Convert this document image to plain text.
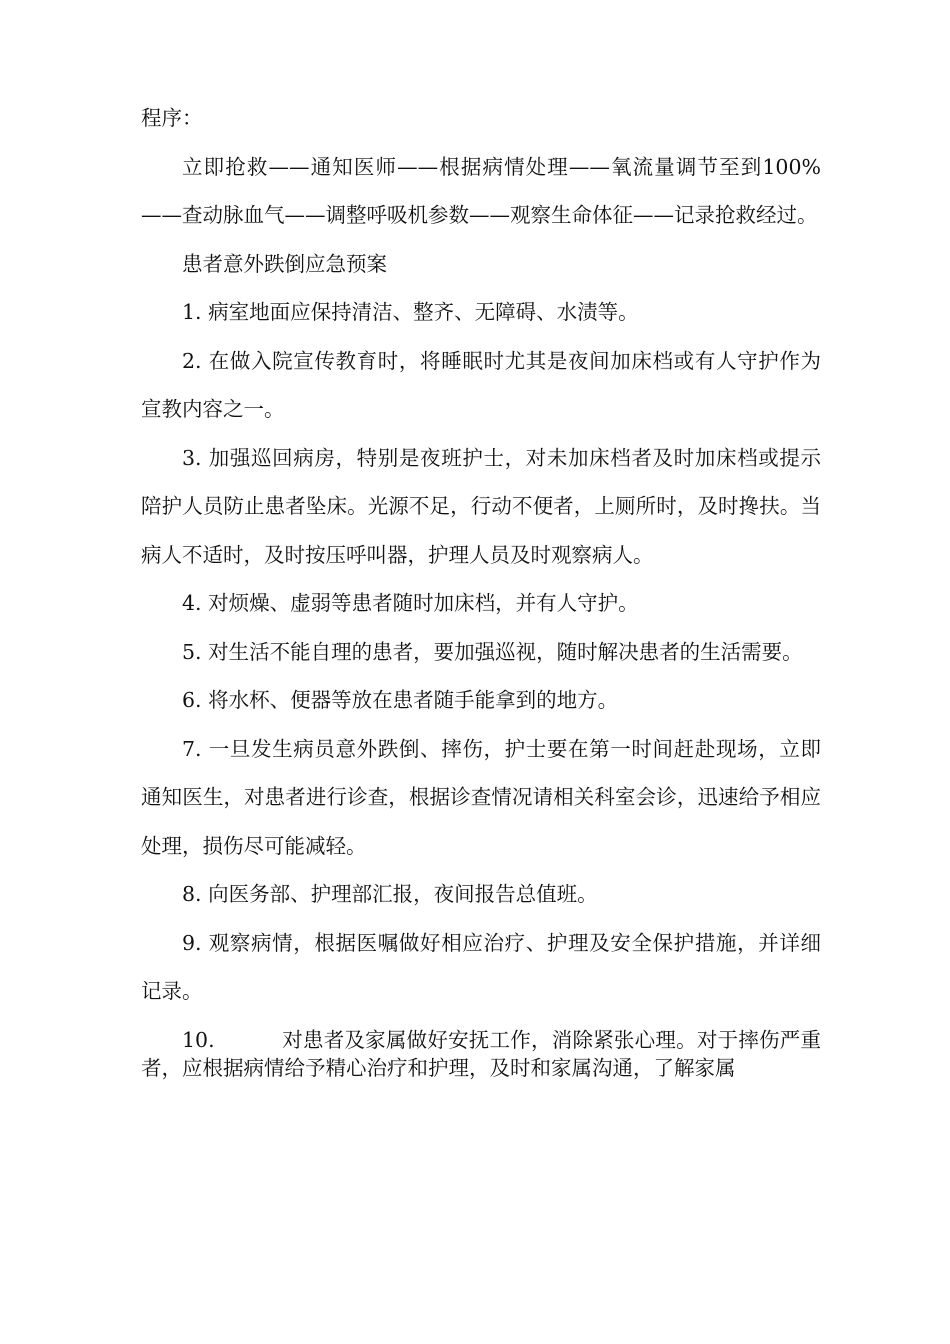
程序：

立即抢救——通知医师——根据病情处理——氧流量调节至到100%——查动脉血气——调整呼吸机参数——观察生命体征——记录抢救经过。

患者意外跌倒应急预案

1. 病室地面应保持清洁、整齐、无障碍、水渍等。

2. 在做入院宣传教育时，将睡眠时尤其是夜间加床档或有人守护作为宣教内容之一。

3. 加强巡回病房，特别是夜班护士，对未加床档者及时加床档或提示陪护人员防止患者坠床。光源不足，行动不便者，上厕所时，及时搀扶。当病人不适时，及时按压呼叫器，护理人员及时观察病人。

4. 对烦燥、虚弱等患者随时加床档，并有人守护。

5. 对生活不能自理的患者，要加强巡视，随时解决患者的生活需要。

6. 将水杯、便器等放在患者随手能拿到的地方。

7. 一旦发生病员意外跌倒、摔伤，护士要在第一时间赶赴现场，立即通知医生，对患者进行诊查，根据诊查情况请相关科室会诊，迅速给予相应处理，损伤尽可能减轻。

8. 向医务部、护理部汇报，夜间报告总值班。

9. 观察病情，根据医嘱做好相应治疗、护理及安全保护措施，并详细记录。

10.	对患者及家属做好安抚工作，消除紧张心理。对于摔伤严重者，应根据病情给予精心治疗和护理，及时和家属沟通，了解家属
